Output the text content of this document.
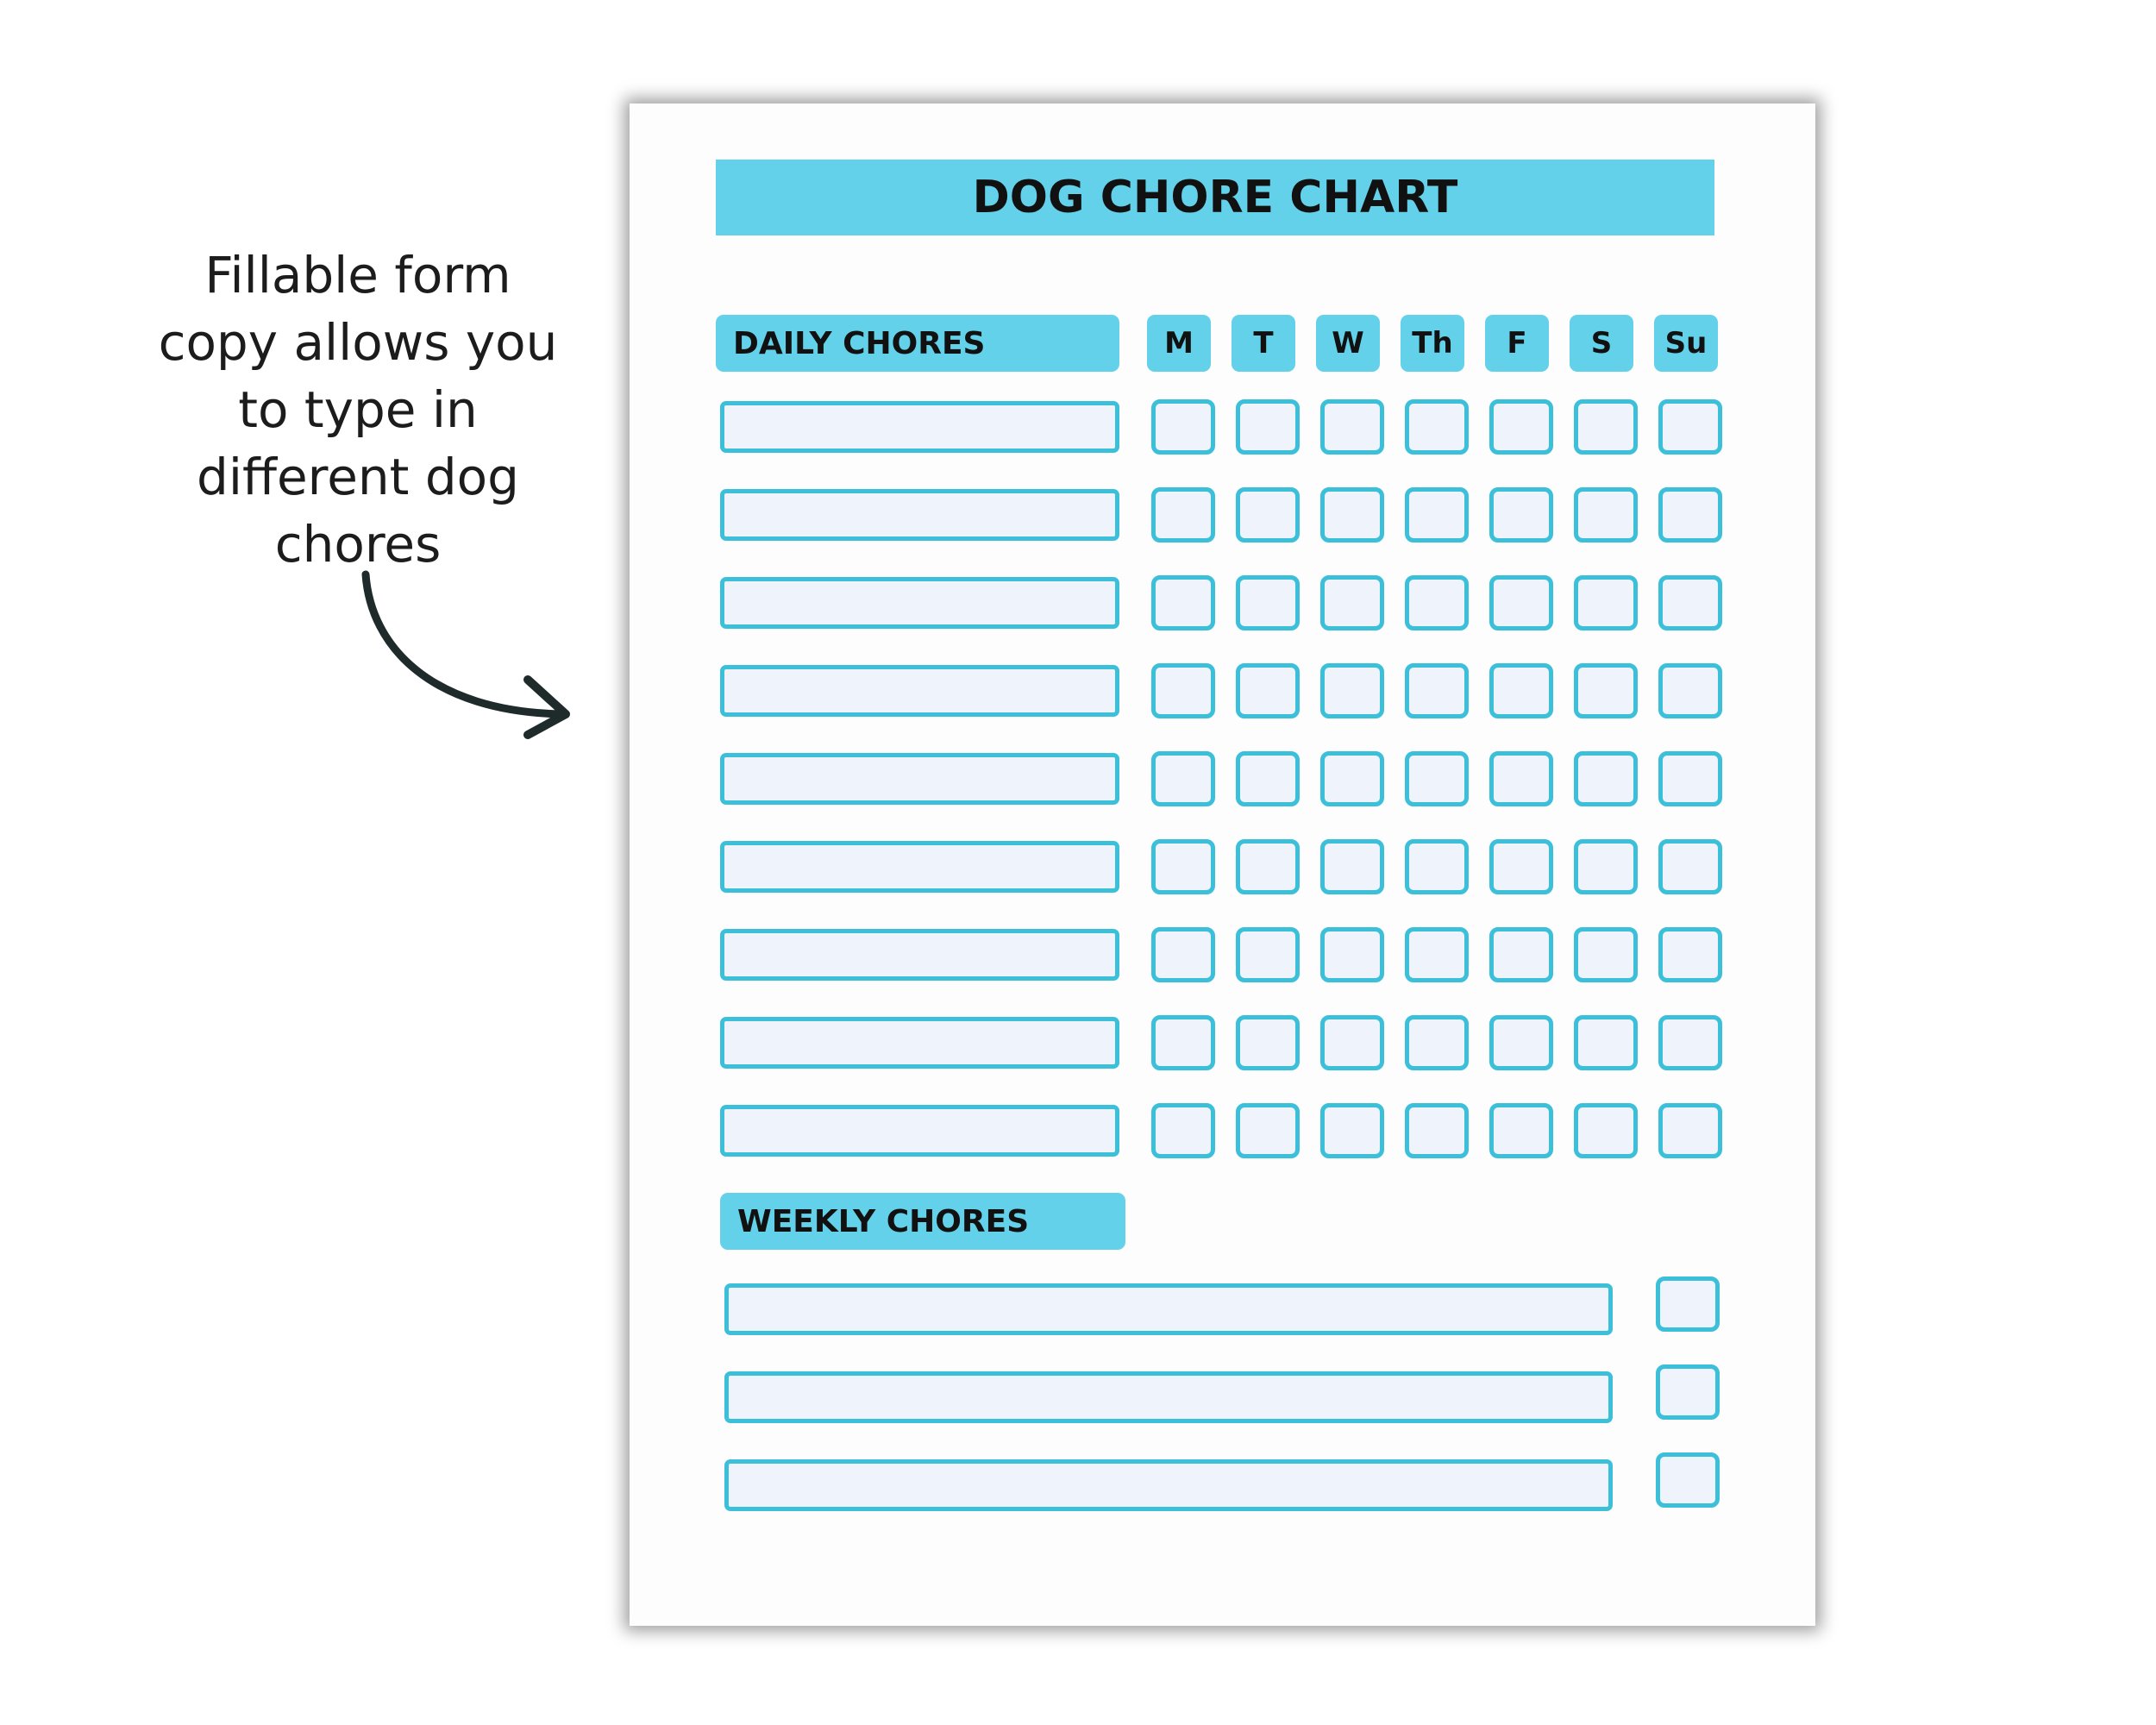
Fillable form copy allows you to type in different dog chores
DOG CHORE CHART
DAILY CHORES	M	T	W	Th	F	S	Su
WEEKLY CHORES
